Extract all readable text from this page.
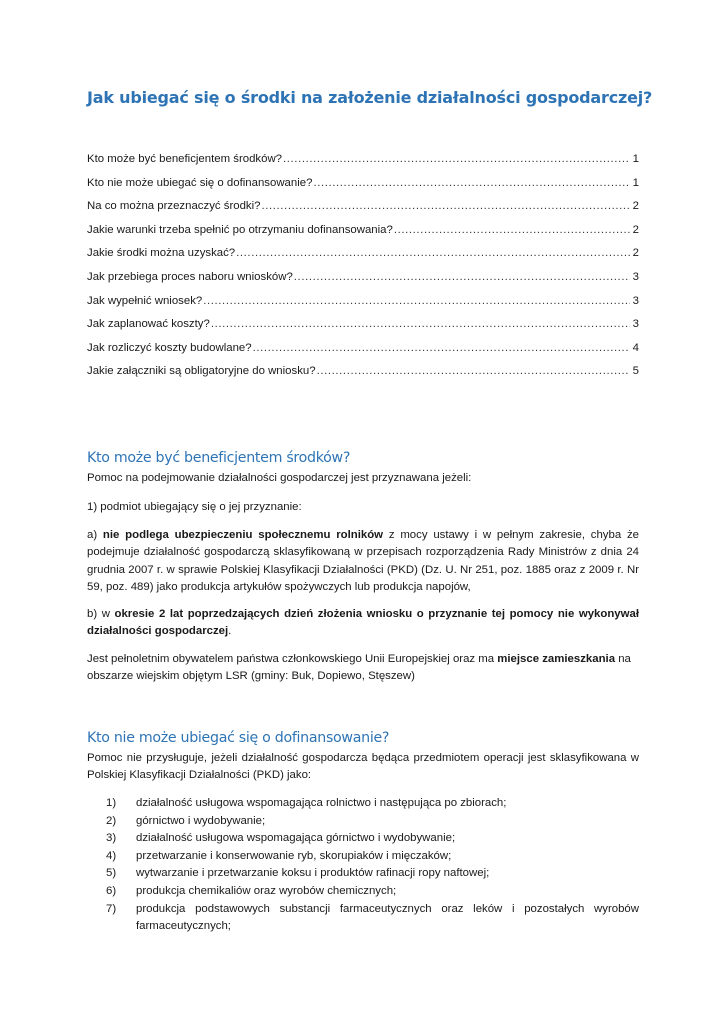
Jak ubiegać się o środki na założenie działalności gospodarczej?
Kto może być beneficjentem środków? .....	1
Kto nie może ubiegać się o dofinansowanie? .....	1
Na co można przeznaczyć środki? .....	2
Jakie warunki trzeba spełnić po otrzymaniu dofinansowania? .....	2
Jakie środki można uzyskać? .....	2
Jak przebiega proces naboru wniosków? .....	3
Jak wypełnić wniosek? .....	3
Jak zaplanować koszty? .....	3
Jak rozliczyć koszty budowlane? .....	4
Jakie załączniki są obligatoryjne do wniosku? .....	5
Kto może być beneficjentem środków?

Pomoc na podejmowanie działalności gospodarczej jest przyznawana jeżeli:

1) podmiot ubiegający się o jej przyznanie:

a) nie podlega ubezpieczeniu społecznemu rolników z mocy ustawy i w pełnym zakresie, chyba że podejmuje działalność gospodarczą sklasyfikowaną w przepisach rozporządzenia Rady Ministrów z dnia 24 grudnia 2007 r. w sprawie Polskiej Klasyfikacji Działalności (PKD) (Dz. U. Nr 251, poz. 1885 oraz z 2009 r. Nr 59, poz. 489) jako produkcja artykułów spożywczych lub produkcja napojów,

b) w okresie 2 lat poprzedzających dzień złożenia wniosku o przyznanie tej pomocy nie wykonywał działalności gospodarczej.

Jest pełnoletnim obywatelem państwa członkowskiego Unii Europejskiej oraz ma miejsce zamieszkania na obszarze wiejskim objętym LSR (gminy: Buk, Dopiewo, Stęszew)

Kto nie może ubiegać się o dofinansowanie?

Pomoc nie przysługuje, jeżeli działalność gospodarcza będąca przedmiotem operacji jest sklasyfikowana w Polskiej Klasyfikacji Działalności (PKD) jako:

1)	działalność usługowa wspomagająca rolnictwo i następująca po zbiorach;
2)	górnictwo i wydobywanie;
3)	działalność usługowa wspomagająca górnictwo i wydobywanie;
4)	przetwarzanie i konserwowanie ryb, skorupiaków i mięczaków;
5)	wytwarzanie i przetwarzanie koksu i produktów rafinacji ropy naftowej;
6)	produkcja chemikaliów oraz wyrobów chemicznych;
7)	produkcja podstawowych substancji farmaceutycznych oraz leków i pozostałych wyrobów farmaceutycznych;
